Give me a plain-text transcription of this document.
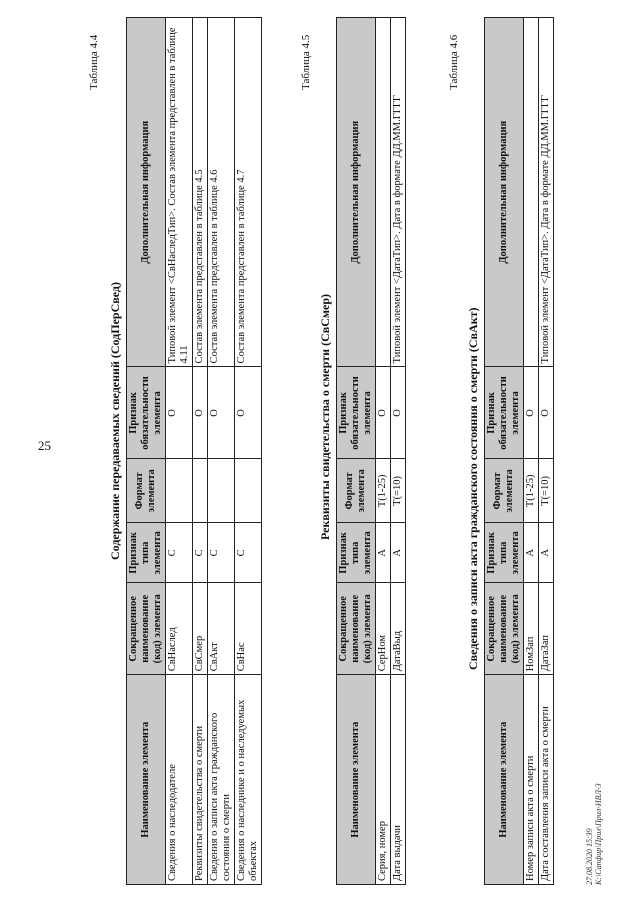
25
Таблица 4.4
Содержание передаваемых сведений (СодПерСвед)
Наименование элемента	Сокращенное наименование (код) элемента	Признак типа элемента	Формат элемента	Признак обязательности элемента	Дополнительная информация
Сведения о наследодателе	СвНаслед	С		О	Типовой элемент <СвНаследТип>. Состав элемента представлен в таблице 4.11
Реквизиты свидетельства о смерти	СвСмер	С		О	Состав элемента представлен в таблице 4.5
Сведения о записи акта гражданского состояния о смерти	СвАкт	С		О	Состав элемента представлен в таблице 4.6
Сведения о наследнике и о наследуемых объектах	СвНас	С		О	Состав элемента представлен в таблице 4.7
Таблица 4.5
Реквизиты свидетельства о смерти (СвСмер)
Наименование элемента	Сокращенное наименование (код) элемента	Признак типа элемента	Формат элемента	Признак обязательности элемента	Дополнительная информация
Серия, номер	СерНом	А	Т(1-25)	О	
Дата выдачи	ДатаВыд	А	Т(=10)	О	Типовой элемент <ДатаТип>. Дата в формате ДД.ММ.ГГГГ
Таблица 4.6
Сведения о записи акта гражданского состояния о смерти (СвАкт)
Наименование элемента	Сокращенное наименование (код) элемента	Признак типа элемента	Формат элемента	Признак обязательности элемента	Дополнительная информация
Номер записи акта о смерти	НомЗап	А	Т(1-25)	О	
Дата составления записи акта о смерти	ДатаЗап	А	Т(=10)	О	Типовой элемент <ДатаТип>. Дата в формате ДД.ММ.ГГГГ
27.08.2020 15:39 К:\Сапфир\Прил\Прил-ИВЛ-3
